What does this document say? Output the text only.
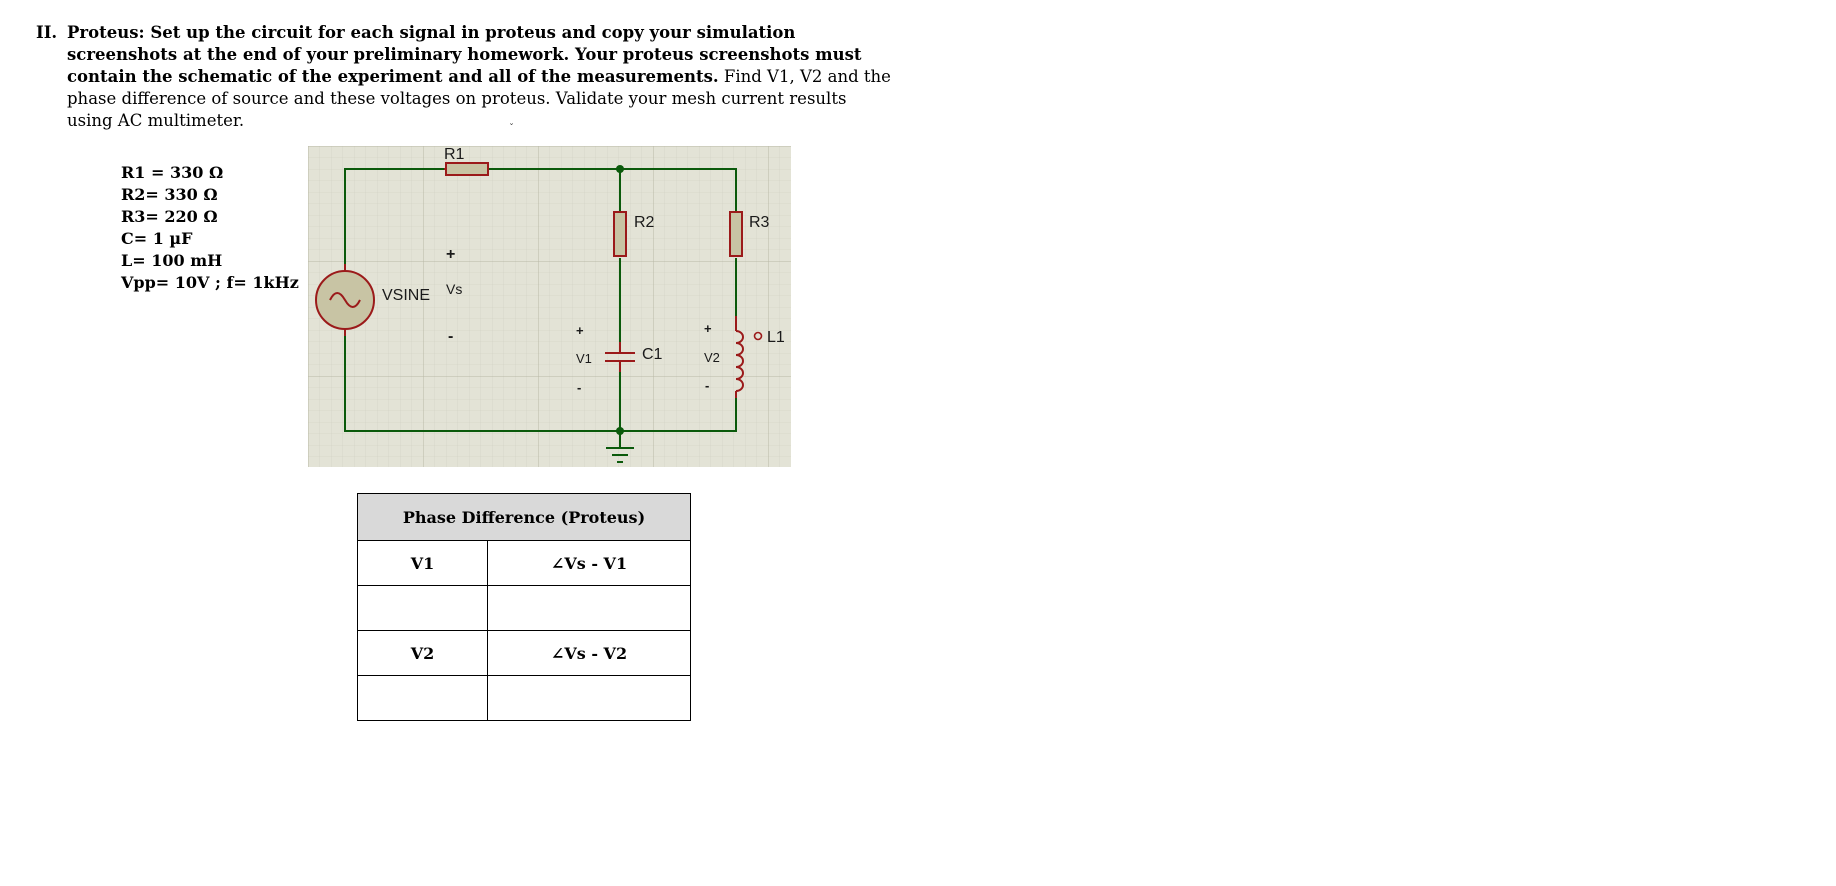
II. Proteus: Set up the circuit for each signal in proteus and copy your simulation screenshots at the end of your preliminary homework. Your proteus screenshots must contain the schematic of the experiment and all of the measurements. Find V1, V2 and the phase difference of source and these voltages on proteus. Validate your mesh current results using AC multimeter.
R1 = 330 Ω
R2= 330 Ω
R3= 220 Ω
C= 1 µF
L= 100 mH
Vpp= 10V ; f= 1kHz
ˇ
R1
R2	R3
C1
L1
VSINE Vs
+
-	+
V1
-
+
V2
-
Phase Difference (Proteus)	
V1	∠Vs - V1

V2	∠Vs - V2
